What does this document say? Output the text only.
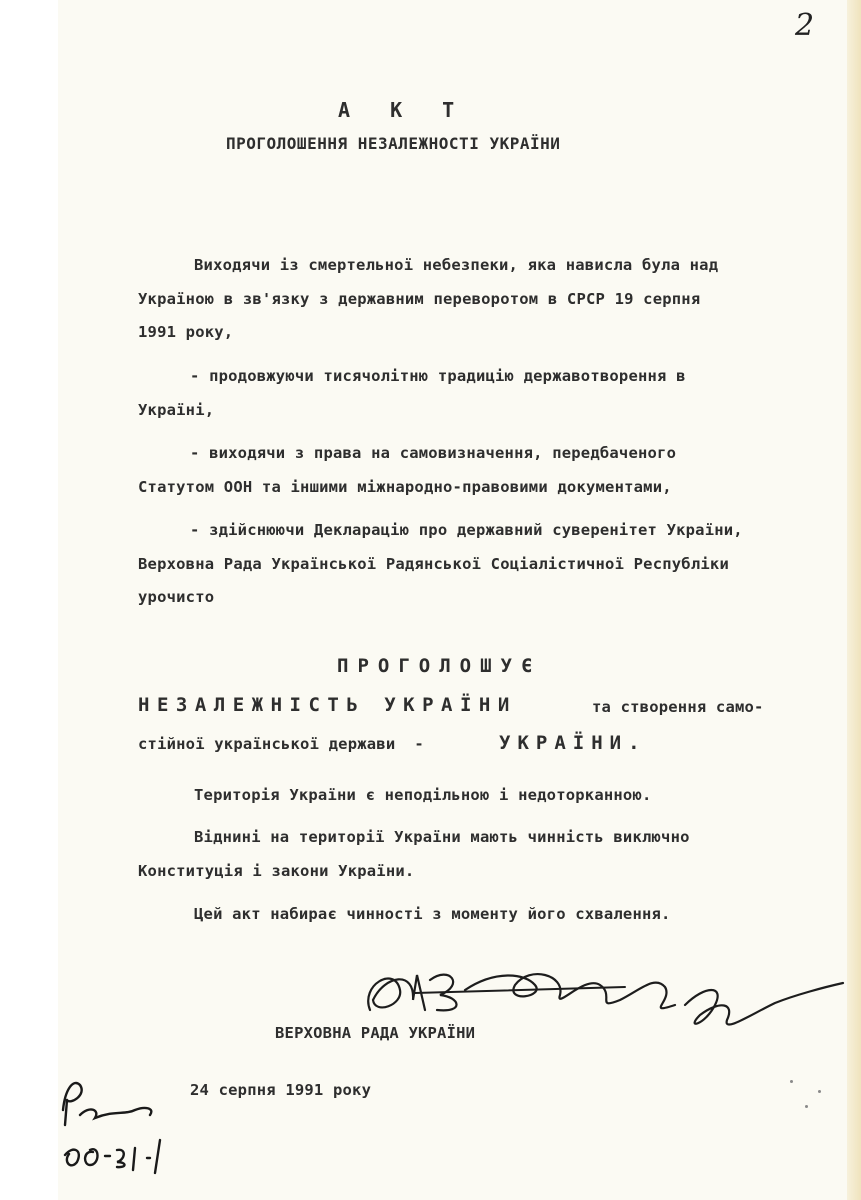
2
А К Т
ПРОГОЛОШЕННЯ НЕЗАЛЕЖНОСТІ УКРАЇНИ
Виходячи із смертельної небезпеки, яка нависла була над
Україною в зв'язку з державним переворотом в СРСР 19 серпня
1991 року,
- продовжуючи тисячолітню традицію державотворення в
Україні,
- виходячи з права на самовизначення, передбаченого
Статутом ООН та іншими міжнародно-правовими документами,
- здійснюючи Декларацію про державний суверенітет України,
Верховна Рада Української Радянської Соціалістичної Республіки
урочисто
ПРОГОЛОШУЄ
НЕЗАЛЕЖНІСТЬ УКРАЇНИ	та створення само-
стійної української держави  -	УКРАЇНИ.
Територія України є неподільною і недоторканною.
Віднині на території України мають чинність виключно
Конституція і закони України.
Цей акт набирає чинності з моменту його схвалення.
ВЕРХОВНА РАДА УКРАЇНИ
24 серпня 1991 року
